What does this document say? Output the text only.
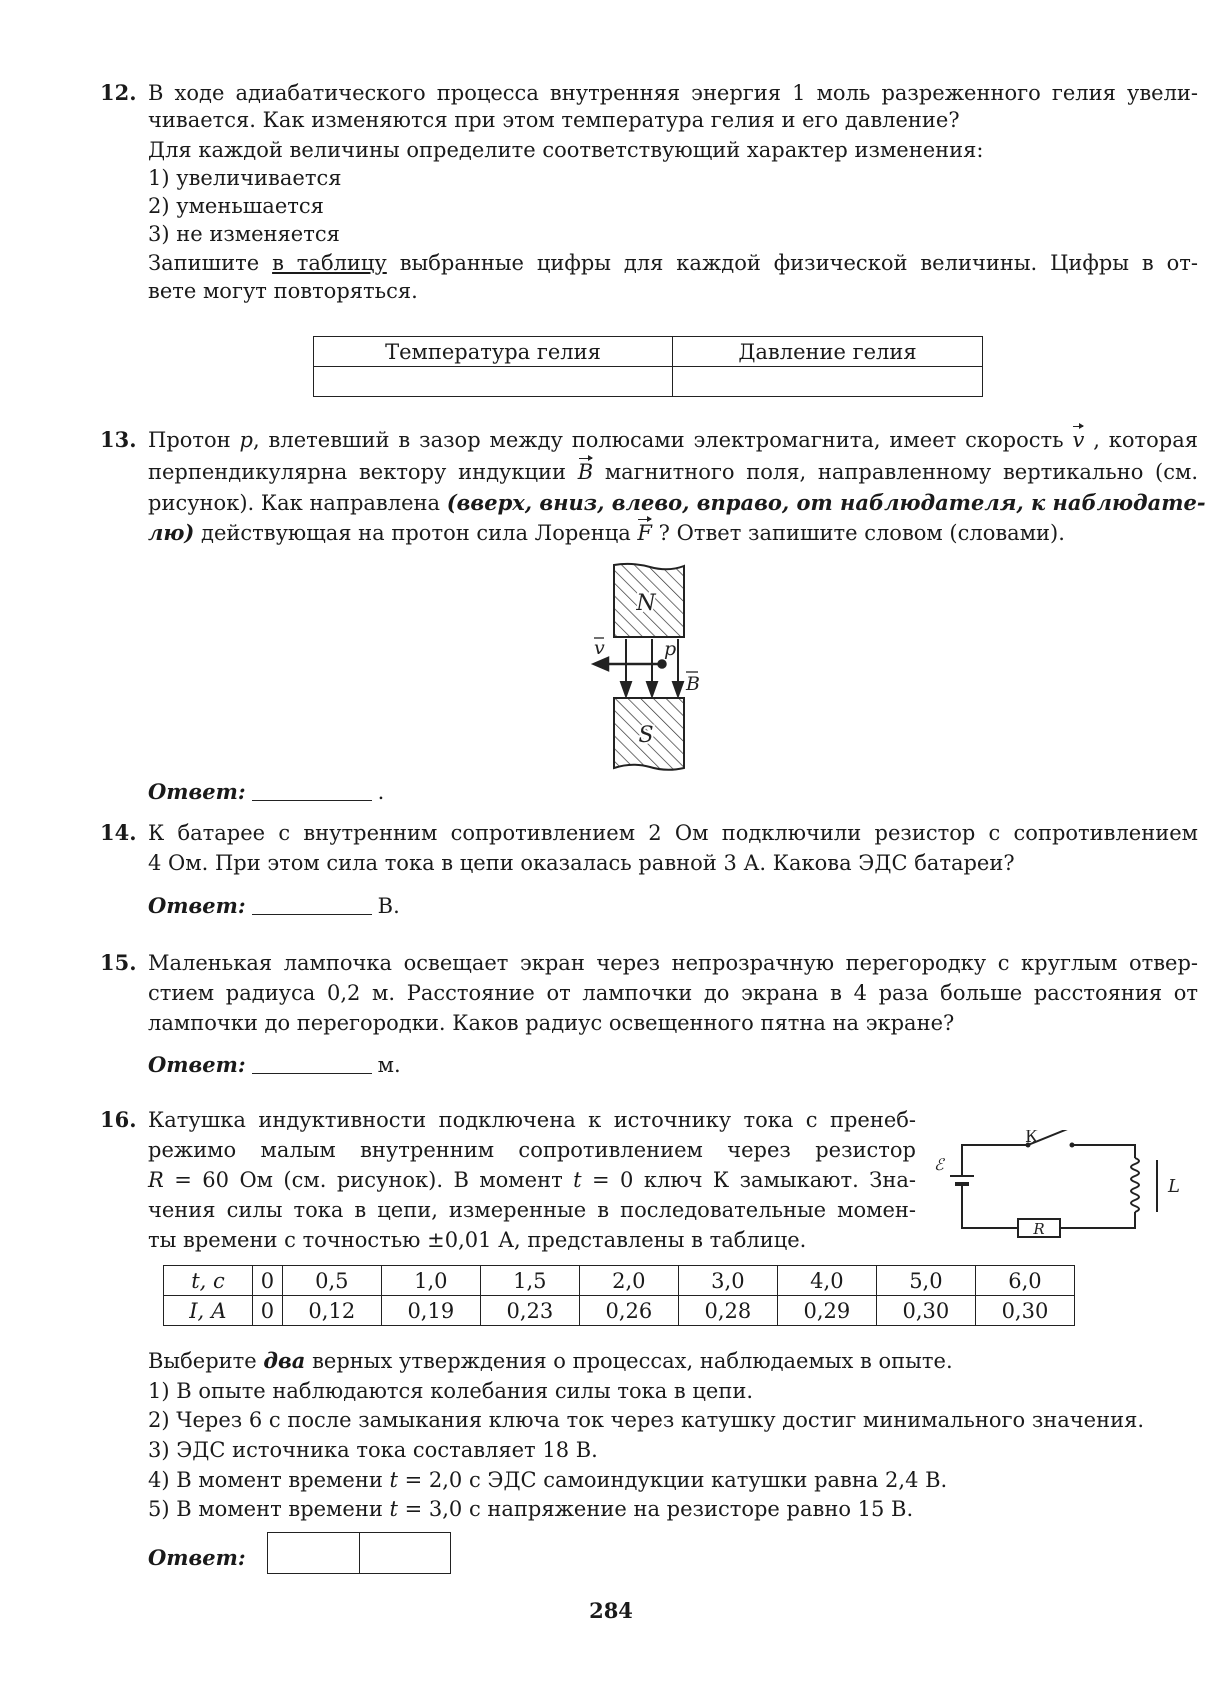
12. В ходе адиабатического процесса внутренняя энергия 1 моль разреженного гелия увели-
чивается. Как изменяются при этом температура гелия и его давление?
Для каждой величины определите соответствующий характер изменения:
1) увеличивается
2) уменьшается
3) не изменяется
Запишите в таблицу выбранные цифры для каждой физической величины. Цифры в от-
вете могут повторяться.
Температура гелия	Давление гелия

13. Протон p, влетевший в зазор между полюсами электромагнита, имеет скорость v , которая
перпендикулярна вектору индукции B магнитного поля, направленному вертикально (см.
рисунок). Как направлена (вверх, вниз, влево, вправо, от наблюдателя, к наблюдате-
лю) действующая на протон сила Лоренца F ? Ответ запишите словом (словами).
N
S
v	p
B
Ответ:	.
14. К батарее с внутренним сопротивлением 2 Ом подключили резистор с сопротивлением
4 Ом. При этом сила тока в цепи оказалась равной 3 А. Какова ЭДС батареи?
Ответ:	В.
15. Маленькая лампочка освещает экран через непрозрачную перегородку с круглым отвер-
стием радиуса 0,2 м. Расстояние от лампочки до экрана в 4 раза больше расстояния от
лампочки до перегородки. Каков радиус освещенного пятна на экране?
Ответ:	м.
16. Катушка индуктивности подключена к источнику тока с пренеб-
режимо малым внутренним сопротивлением через резистор
R = 60 Ом (см. рисунок). В момент t = 0 ключ К замыкают. Зна-
чения силы тока в цепи, измеренные в последовательные момен-
ты времени с точностью ±0,01 А, представлены в таблице.
К
ℰ
L
R
t, с	0	0,5	1,0	1,5	2,0	3,0	4,0	5,0	6,0
I, А	0	0,12	0,19	0,23	0,26	0,28	0,29	0,30	0,30
Выберите два верных утверждения о процессах, наблюдаемых в опыте.
1) В опыте наблюдаются колебания силы тока в цепи.
2) Через 6 с после замыкания ключа ток через катушку достиг минимального значения.
3) ЭДС источника тока составляет 18 В.
4) В момент времени t = 2,0 с ЭДС самоиндукции катушки равна 2,4 В.
5) В момент времени t = 3,0 с напряжение на резисторе равно 15 В.
Ответ:
284
